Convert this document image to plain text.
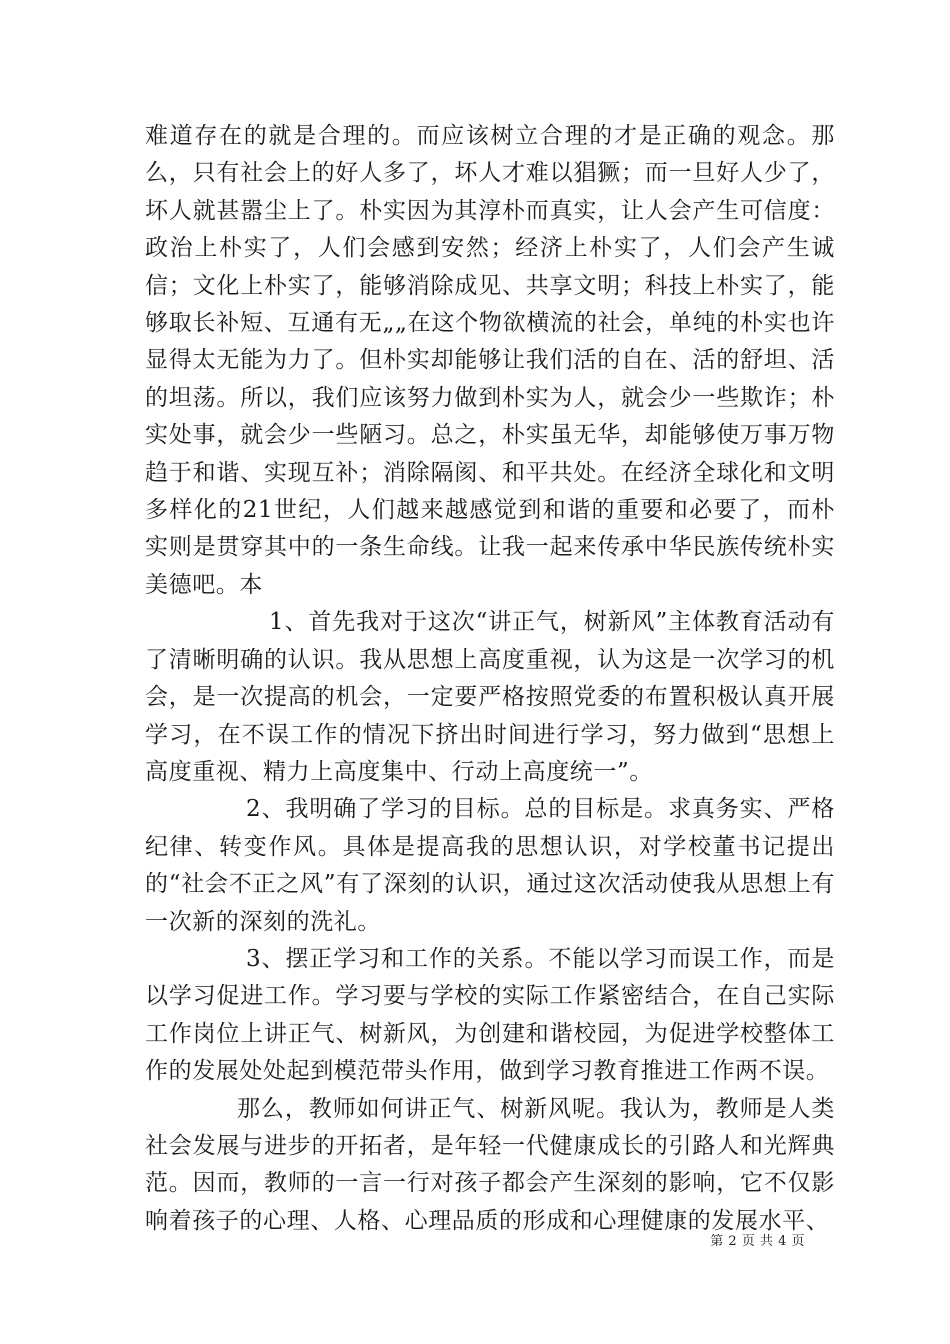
难道存在的就是合理的。而应该树立合理的才是正确的观念。那么，只有社会上的好人多了，坏人才难以猖獗；而一旦好人少了，坏人就甚嚣尘上了。朴实因为其淳朴而真实，让人会产生可信度：政治上朴实了，人们会感到安然；经济上朴实了，人们会产生诚信；文化上朴实了，能够消除成见、共享文明；科技上朴实了，能够取长补短、互通有无„„在这个物欲横流的社会，单纯的朴实也许显得太无能为力了。但朴实却能够让我们活的自在、活的舒坦、活的坦荡。所以，我们应该努力做到朴实为人，就会少一些欺诈；朴实处事，就会少一些陋习。总之，朴实虽无华，却能够使万事万物趋于和谐、实现互补；消除隔阂、和平共处。在经济全球化和文明多样化的21世纪，人们越来越感觉到和谐的重要和必要了，而朴实则是贯穿其中的一条生命线。让我一起来传承中华民族传统朴实美德吧。本

1、首先我对于这次“讲正气，树新风”主体教育活动有了清晰明确的认识。我从思想上高度重视，认为这是一次学习的机会，是一次提高的机会，一定要严格按照党委的布置积极认真开展学习，在不误工作的情况下挤出时间进行学习，努力做到“思想上高度重视、精力上高度集中、行动上高度统一”。

2、我明确了学习的目标。总的目标是。求真务实、严格纪律、转变作风。具体是提高我的思想认识，对学校董书记提出的“社会不正之风”有了深刻的认识，通过这次活动使我从思想上有一次新的深刻的洗礼。

3、摆正学习和工作的关系。不能以学习而误工作，而是以学习促进工作。学习要与学校的实际工作紧密结合，在自己实际工作岗位上讲正气、树新风，为创建和谐校园，为促进学校整体工作的发展处处起到模范带头作用，做到学习教育推进工作两不误。

那么，教师如何讲正气、树新风呢。我认为，教师是人类社会发展与进步的开拓者，是年轻一代健康成长的引路人和光辉典范。因而，教师的一言一行对孩子都会产生深刻的影响，它不仅影响着孩子的心理、人格、心理品质的形成和心理健康的发展水平、

第 2 页 共 4 页
